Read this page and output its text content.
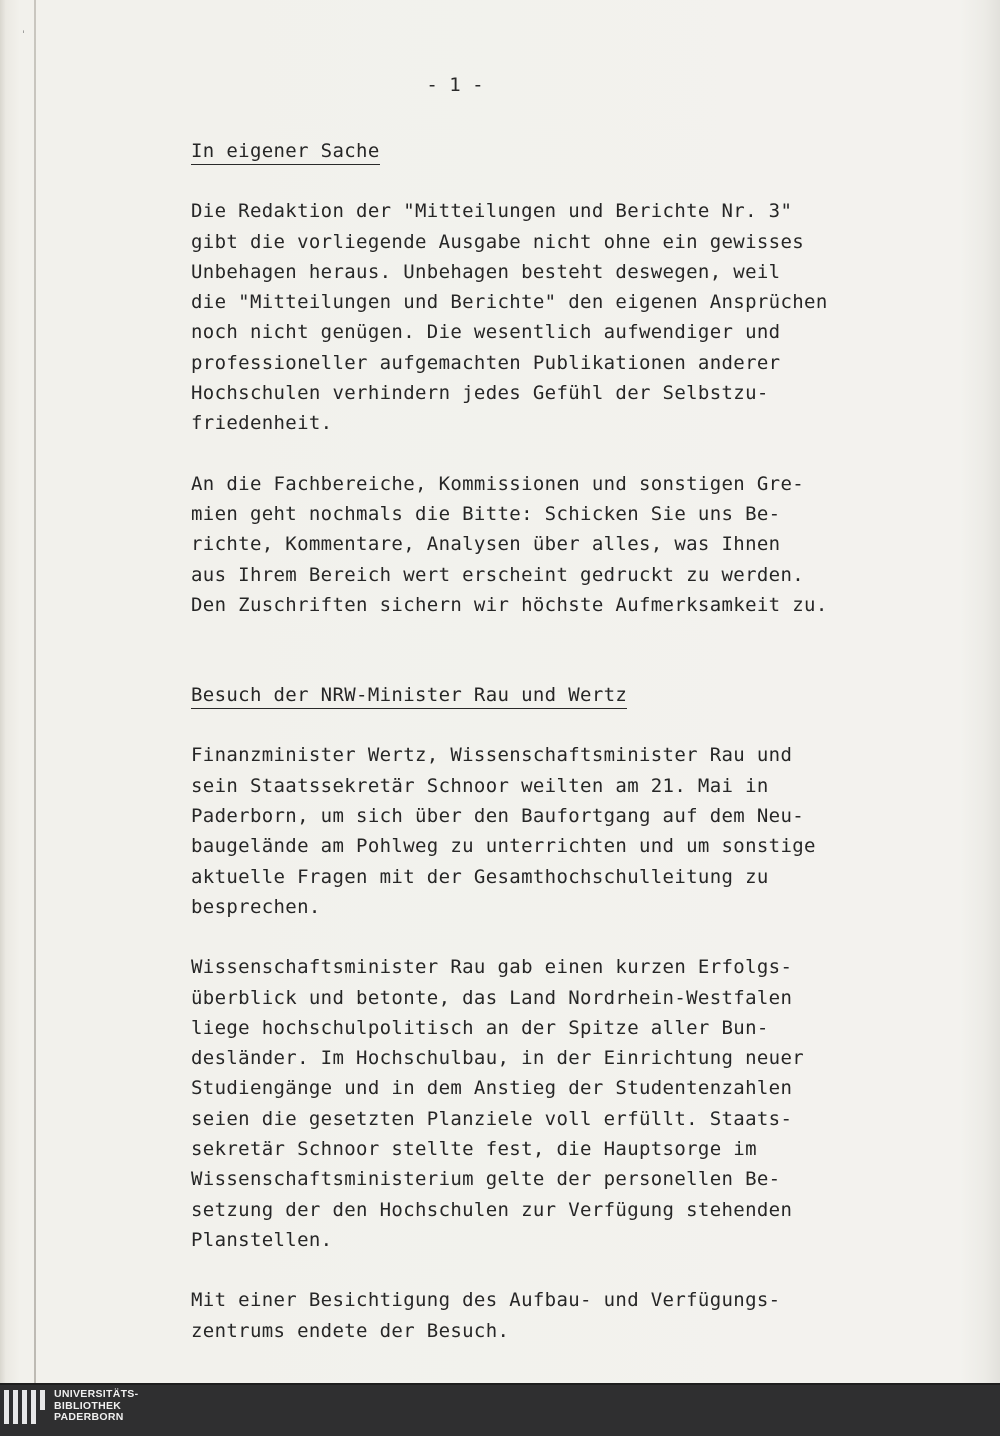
ˈ
- 1 -
In eigener Sache

Die Redaktion der "Mitteilungen und Berichte Nr. 3"
gibt die vorliegende Ausgabe nicht ohne ein gewisses
Unbehagen heraus. Unbehagen besteht deswegen, weil
die "Mitteilungen und Berichte" den eigenen Ansprüchen
noch nicht genügen. Die wesentlich aufwendiger und
professioneller aufgemachten Publikationen anderer
Hochschulen verhindern jedes Gefühl der Selbstzu-
friedenheit.

An die Fachbereiche, Kommissionen und sonstigen Gre-
mien geht nochmals die Bitte: Schicken Sie uns Be-
richte, Kommentare, Analysen über alles, was Ihnen
aus Ihrem Bereich wert erscheint gedruckt zu werden.
Den Zuschriften sichern wir höchste Aufmerksamkeit zu.

Besuch der NRW-Minister Rau und Wertz

Finanzminister Wertz, Wissenschaftsminister Rau und
sein Staatssekretär Schnoor weilten am 21. Mai in
Paderborn, um sich über den Baufortgang auf dem Neu-
baugelände am Pohlweg zu unterrichten und um sonstige
aktuelle Fragen mit der Gesamthochschulleitung zu
besprechen.

Wissenschaftsminister Rau gab einen kurzen Erfolgs-
überblick und betonte, das Land Nordrhein-Westfalen
liege hochschulpolitisch an der Spitze aller Bun-
desländer. Im Hochschulbau, in der Einrichtung neuer
Studiengänge und in dem Anstieg der Studentenzahlen
seien die gesetzten Planziele voll erfüllt. Staats-
sekretär Schnoor stellte fest, die Hauptsorge im
Wissenschaftsministerium gelte der personellen Be-
setzung der den Hochschulen zur Verfügung stehenden
Planstellen.

Mit einer Besichtigung des Aufbau- und Verfügungs-
zentrums endete der Besuch.

UNIVERSITÄTS-
BIBLIOTHEK
PADERBORN
